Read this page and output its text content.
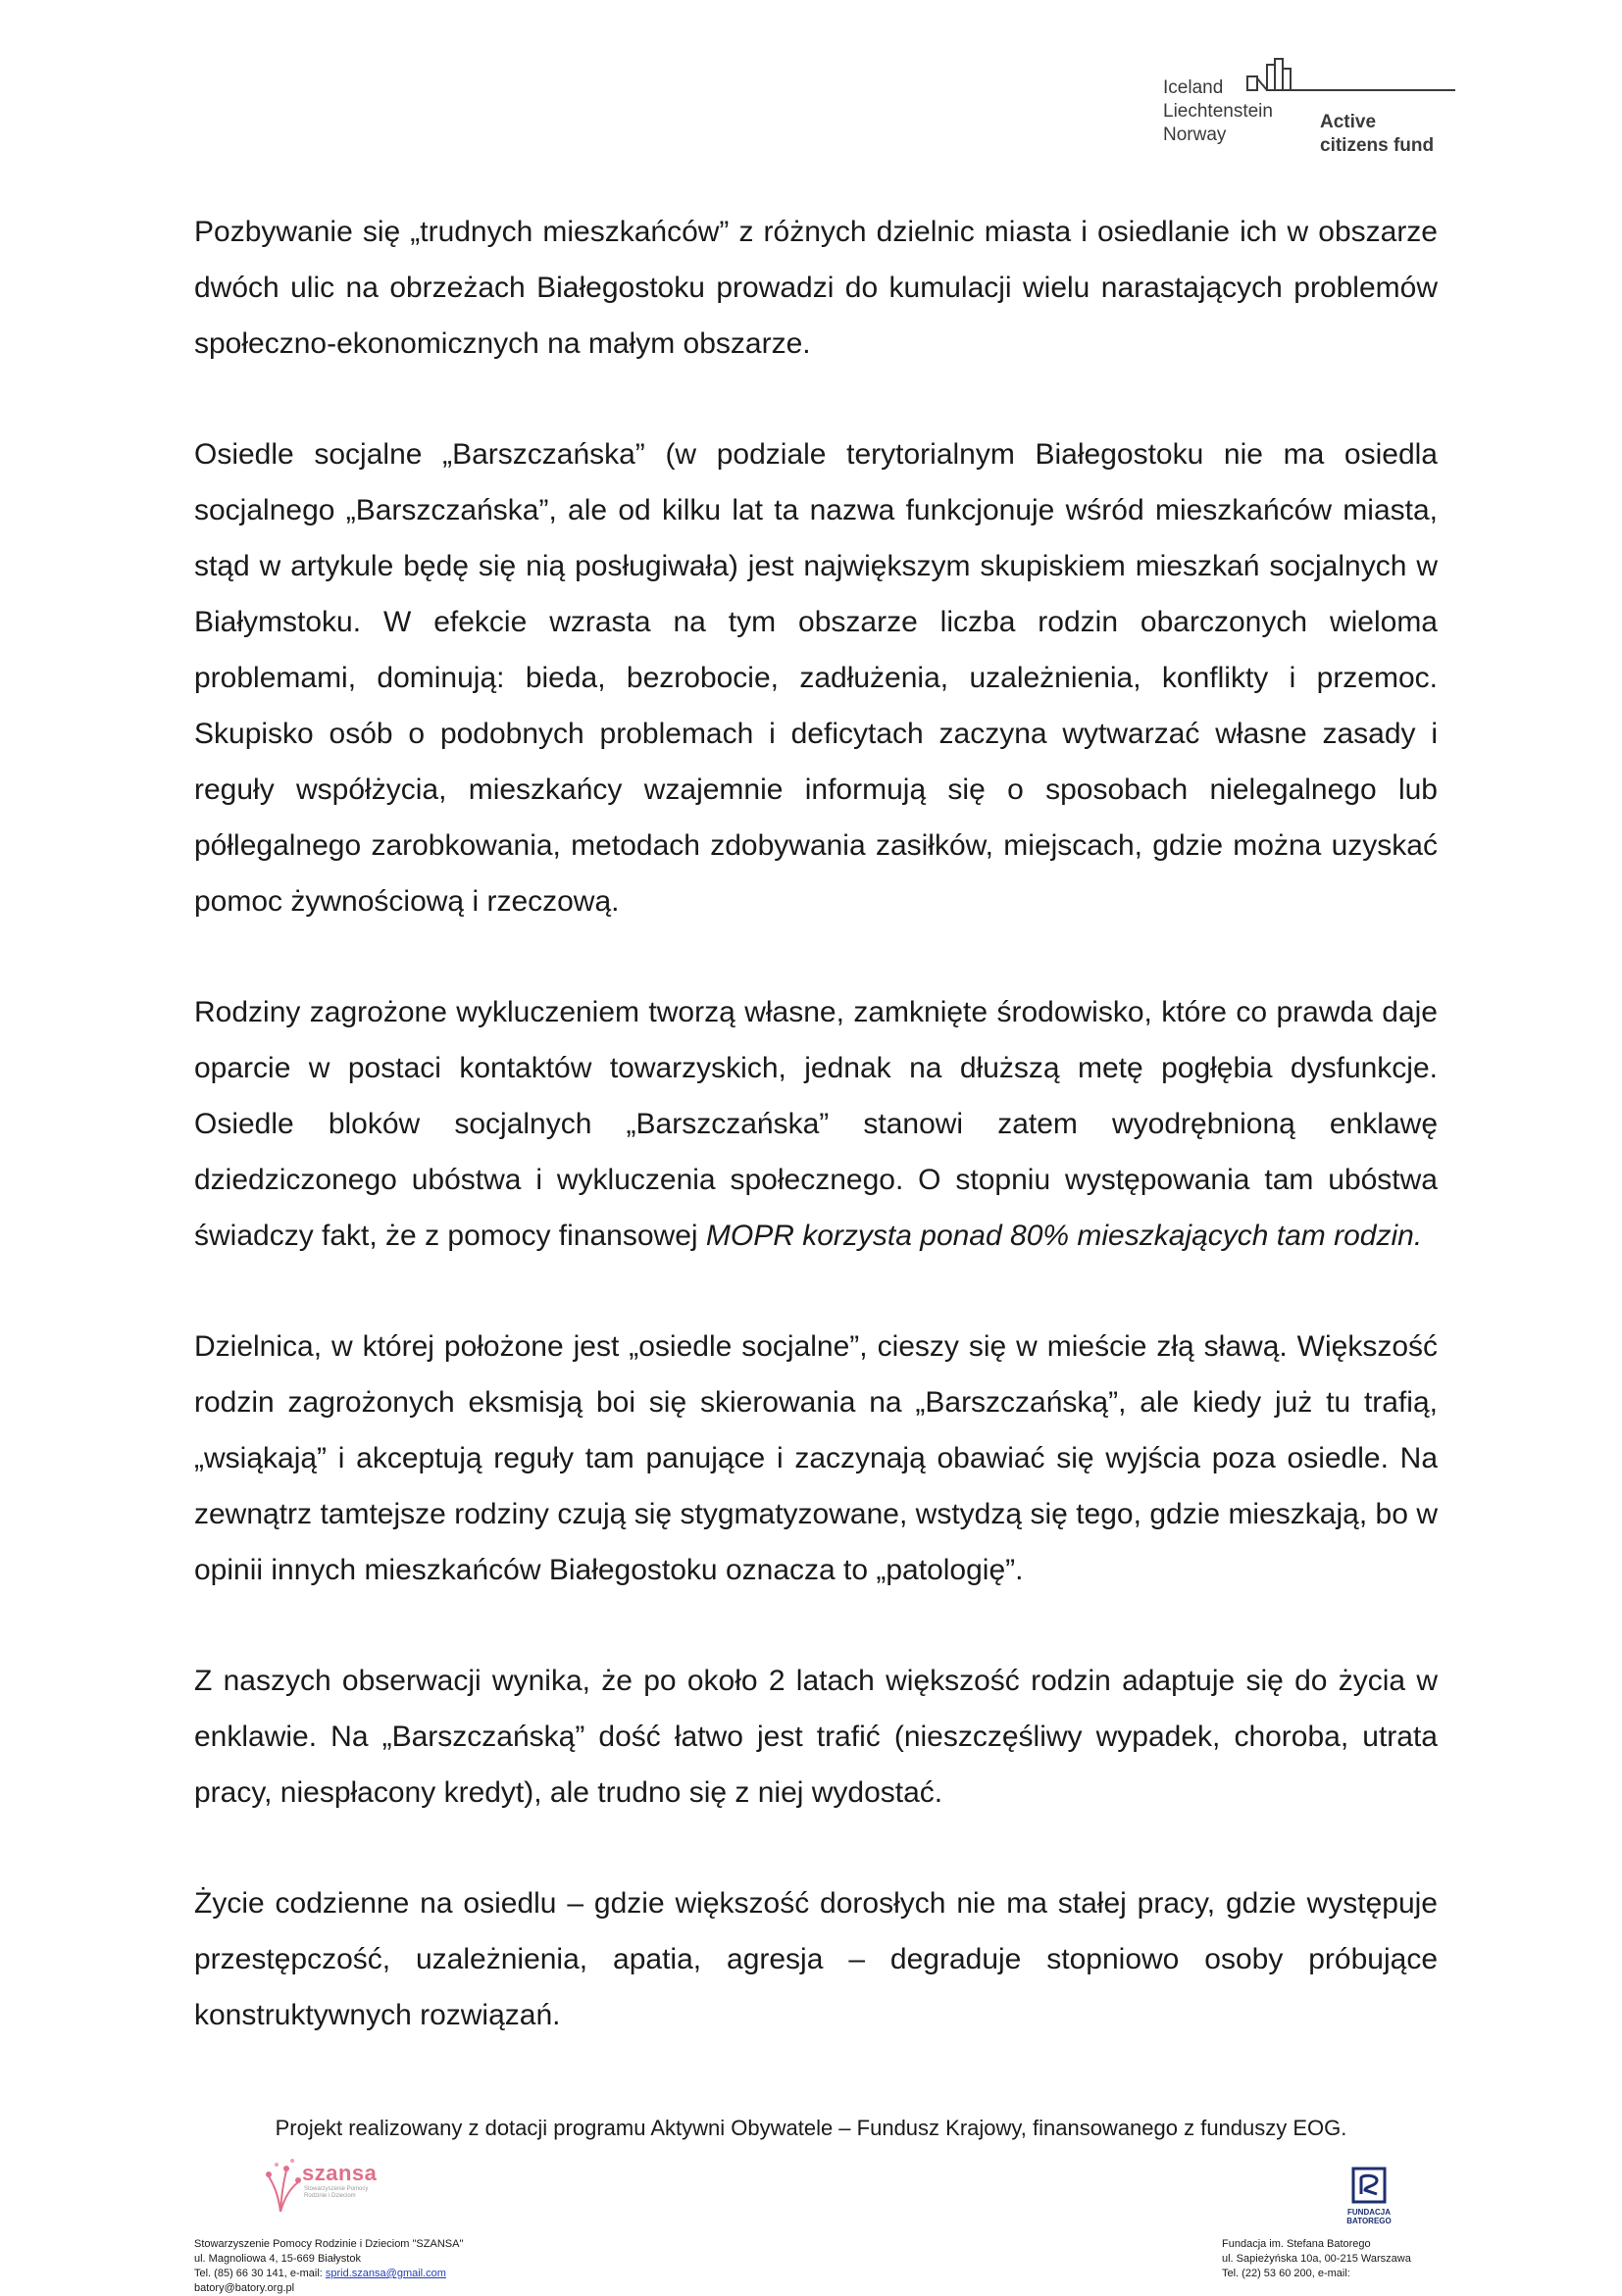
Iceland
Liechtenstein
Norway
Active
citizens fund

Pozbywanie się „trudnych mieszkańców” z różnych dzielnic miasta i osiedlanie ich w obszarze dwóch ulic na obrzeżach Białegostoku prowadzi do kumulacji wielu narastających problemów społeczno-ekonomicznych na małym obszarze.

Osiedle socjalne „Barszczańska” (w podziale terytorialnym Białegostoku nie ma osiedla socjalnego „Barszczańska”, ale od kilku lat ta nazwa funkcjonuje wśród mieszkańców miasta, stąd w artykule będę się nią posługiwała) jest największym skupiskiem mieszkań socjalnych w Białymstoku. W efekcie wzrasta na tym obszarze liczba rodzin obarczonych wieloma problemami, dominują: bieda, bezrobocie, zadłużenia, uzależnienia, konflikty i przemoc. Skupisko osób o podobnych problemach i deficytach zaczyna wytwarzać własne zasady i reguły współżycia, mieszkańcy wzajemnie informują się o sposobach nielegalnego lub półlegalnego zarobkowania, metodach zdobywania zasiłków, miejscach, gdzie można uzyskać pomoc żywnościową i rzeczową.

Rodziny zagrożone wykluczeniem tworzą własne, zamknięte środowisko, które co prawda daje oparcie w postaci kontaktów towarzyskich, jednak na dłuższą metę pogłębia dysfunkcje. Osiedle bloków socjalnych „Barszczańska” stanowi zatem wyodrębnioną enklawę dziedziczonego ubóstwa i wykluczenia społecznego. O stopniu występowania tam ubóstwa świadczy fakt, że z pomocy finansowej MOPR korzysta ponad 80% mieszkających tam rodzin.

Dzielnica, w której położone jest „osiedle socjalne”, cieszy się w mieście złą sławą. Większość rodzin zagrożonych eksmisją boi się skierowania na „Barszczańską”, ale kiedy już tu trafią, „wsiąkają” i akceptują reguły tam panujące i zaczynają obawiać się wyjścia poza osiedle. Na zewnątrz tamtejsze rodziny czują się stygmatyzowane, wstydzą się tego, gdzie mieszkają, bo w opinii innych mieszkańców Białegostoku oznacza to „patologię”.

Z naszych obserwacji wynika, że po około 2 latach większość rodzin adaptuje się do życia w enklawie. Na „Barszczańską” dość łatwo jest trafić (nieszczęśliwy wypadek, choroba, utrata pracy, niespłacony kredyt), ale trudno się z niej wydostać.

Życie codzienne na osiedlu – gdzie większość dorosłych nie ma stałej pracy, gdzie występuje przestępczość, uzależnienia, apatia, agresja – degraduje stopniowo osoby próbujące konstruktywnych rozwiązań.

Projekt realizowany z dotacji programu Aktywni Obywatele – Fundusz Krajowy, finansowanego z funduszy EOG.
szansa
Stowarzyszenie Pomocy Rodzinie i Dzieciom
FUNDACJA
BATOREGO
Stowarzyszenie Pomocy Rodzinie i Dzieciom "SZANSA"
ul. Magnoliowa 4, 15-669 Białystok
Tel. (85) 66 30 141, e-mail: sprid.szansa@gmail.com
batory@batory.org.pl
Fundacja im. Stefana Batorego
ul. Sapieżyńska 10a, 00-215 Warszawa
Tel. (22) 53 60 200, e-mail:
